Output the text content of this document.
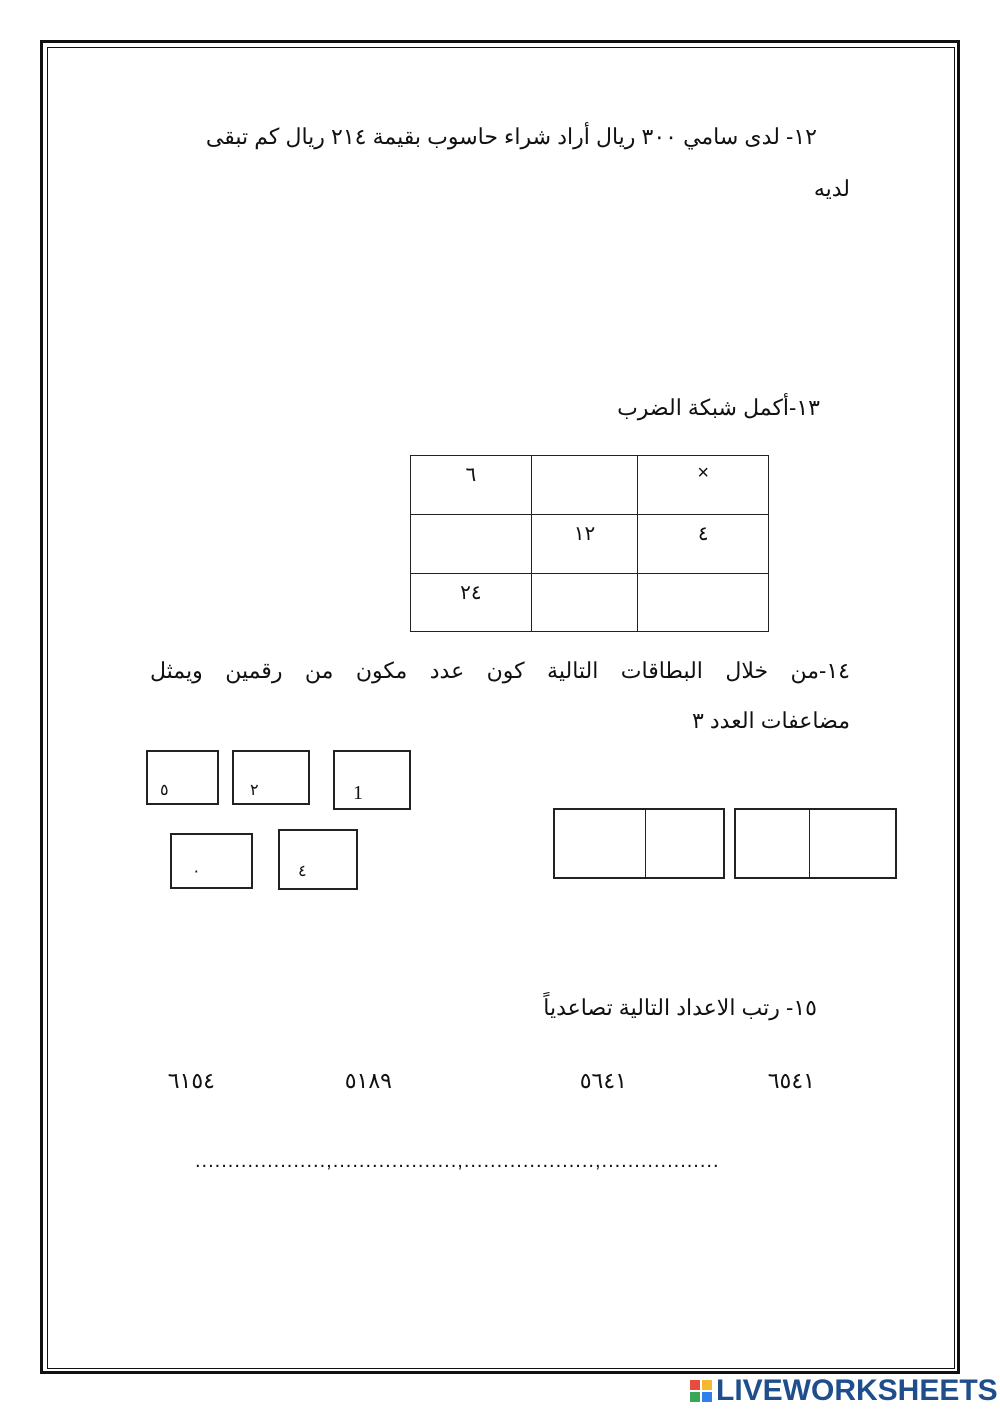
١٢- لدى سامي ٣٠٠ ريال أراد شراء حاسوب بقيمة ٢١٤ ريال كم تبقى
لديه
١٣-أكمل شبكة الضرب
×		٦
٤	١٢	
		٢٤
١٤-من خلال البطاقات التالية كون عدد مكون من رقمين ويمثل
مضاعفات العدد ٣
٥	٢	1
٠	٤
١٥- رتب الاعداد التالية تصاعدياً
٦٥٤١
٥٦٤١
٥١٨٩
٦١٥٤
....................,...................,....................,..................
LIVEWORKSHEETS
